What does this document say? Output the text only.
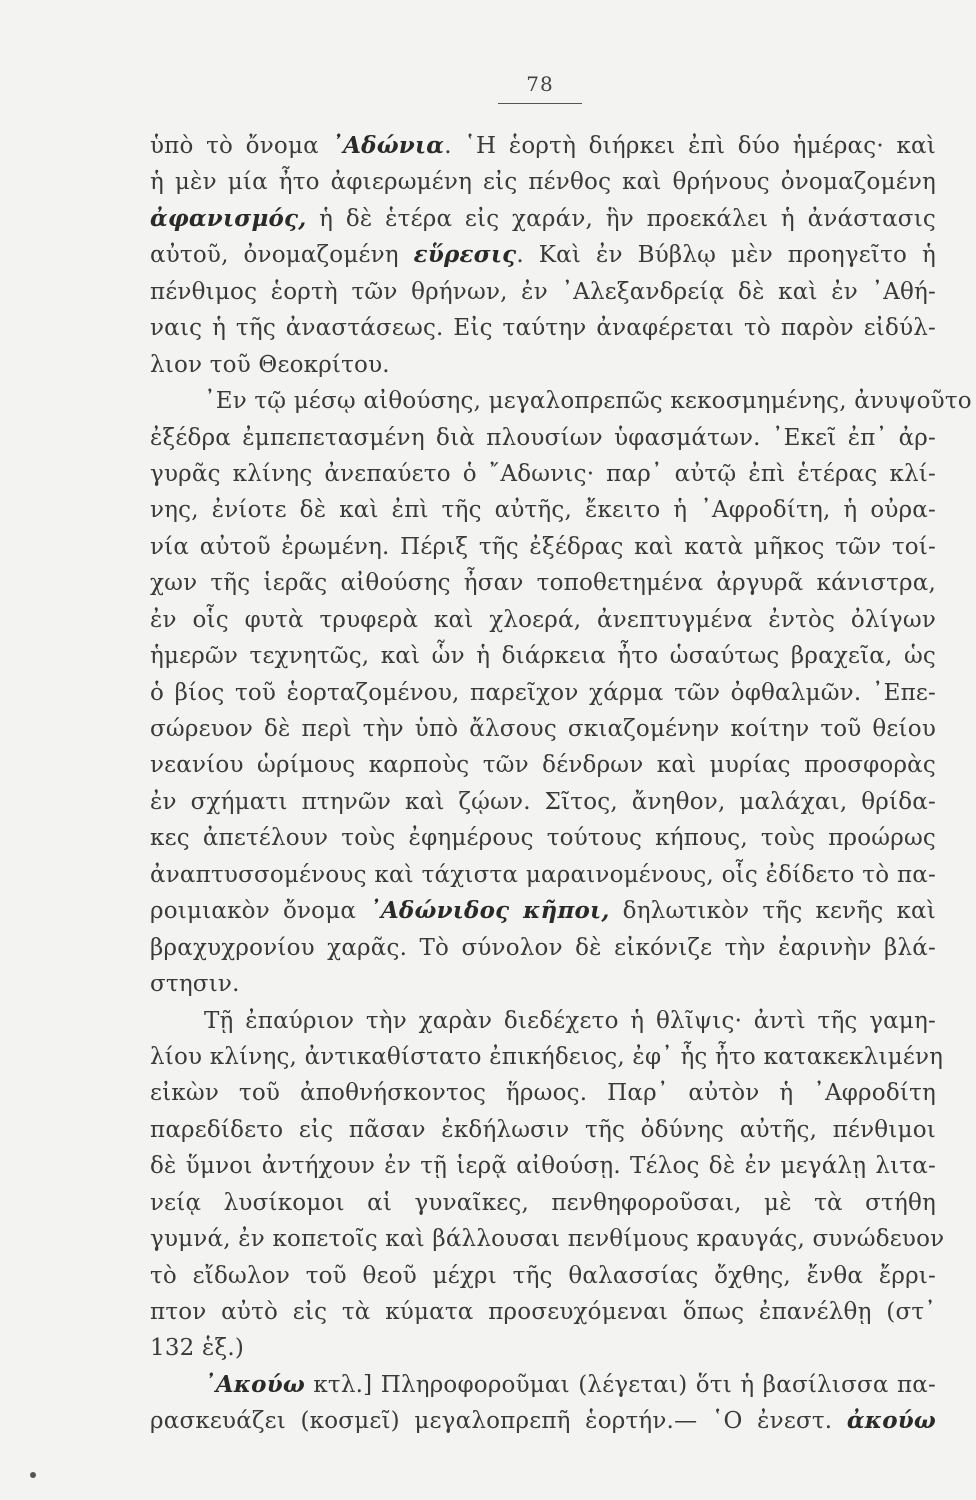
78
ὑπὸ τὸ ὄνομα ᾿Αδώνια. ῾Η ἑορτὴ διήρκει ἐπὶ δύο ἡμέρας· καὶ
ἡ μὲν μία ἦτο ἀφιερωμένη εἰς πένθος καὶ θρήνους ὀνομαζομένη
ἀφανισμός, ἡ δὲ ἑτέρα εἰς χαράν, ἣν προεκάλει ἡ ἀνάστασις
αὐτοῦ, ὀνομαζομένη εὕρεσις. Καὶ ἐν Βύβλῳ μὲν προηγεῖτο ἡ
πένθιμος ἑορτὴ τῶν θρήνων, ἐν ᾿Αλεξανδρείᾳ δὲ καὶ ἐν ᾿Αθή-
ναις ἡ τῆς ἀναστάσεως. Εἰς ταύτην ἀναφέρεται τὸ παρὸν εἰδύλ-
λιον τοῦ Θεοκρίτου.
᾿Εν τῷ μέσῳ αἰθούσης, μεγαλοπρεπῶς κεκοσμημένης, ἀνυψοῦτο
ἐξέδρα ἐμπεπετασμένη διὰ πλουσίων ὑφασμάτων. ᾿Εκεῖ ἐπ᾿ ἀρ-
γυρᾶς κλίνης ἀνεπαύετο ὁ ῎Αδωνις· παρ᾿ αὐτῷ ἐπὶ ἑτέρας κλί-
νης, ἐνίοτε δὲ καὶ ἐπὶ τῆς αὐτῆς, ἔκειτο ἡ ᾿Αφροδίτη, ἡ οὐρα-
νία αὐτοῦ ἐρωμένη. Πέριξ τῆς ἐξέδρας καὶ κατὰ μῆκος τῶν τοί-
χων τῆς ἱερᾶς αἰθούσης ἦσαν τοποθετημένα ἀργυρᾶ κάνιστρα,
ἐν οἷς φυτὰ τρυφερὰ καὶ χλοερά, ἀνεπτυγμένα ἐντὸς ὀλίγων
ἡμερῶν τεχνητῶς, καὶ ὧν ἡ διάρκεια ἦτο ὡσαύτως βραχεῖα, ὡς
ὁ βίος τοῦ ἑορταζομένου, παρεῖχον χάρμα τῶν ὀφθαλμῶν. ᾿Επε-
σώρευον δὲ περὶ τὴν ὑπὸ ἄλσους σκιαζομένην κοίτην τοῦ θείου
νεανίου ὡρίμους καρποὺς τῶν δένδρων καὶ μυρίας προσφορὰς
ἐν σχήματι πτηνῶν καὶ ζῴων. Σῖτος, ἄνηθον, μαλάχαι, θρίδα-
κες ἀπετέλουν τοὺς ἐφημέρους τούτους κήπους, τοὺς προώρως
ἀναπτυσσομένους καὶ τάχιστα μαραινομένους, οἷς ἐδίδετο τὸ πα-
ροιμιακὸν ὄνομα ᾿Αδώνιδος κῆποι, δηλωτικὸν τῆς κενῆς καὶ
βραχυχρονίου χαρᾶς. Τὸ σύνολον δὲ εἰκόνιζε τὴν ἐαρινὴν βλά-
στησιν.
Τῇ ἐπαύριον τὴν χαρὰν διεδέχετο ἡ θλῖψις· ἀντὶ τῆς γαμη-
λίου κλίνης, ἀντικαθίστατο ἐπικήδειος, ἐφ᾿ ἧς ἦτο κατακεκλιμένη
εἰκὼν τοῦ ἀποθνήσκοντος ἥρωος. Παρ᾿ αὐτὸν ἡ ᾿Αφροδίτη
παρεδίδετο εἰς πᾶσαν ἐκδήλωσιν τῆς ὀδύνης αὐτῆς, πένθιμοι
δὲ ὕμνοι ἀντήχουν ἐν τῇ ἱερᾷ αἰθούσῃ. Τέλος δὲ ἐν μεγάλῃ λιτα-
νείᾳ λυσίκομοι αἱ γυναῖκες, πενθηφοροῦσαι, μὲ τὰ στήθη
γυμνά, ἐν κοπετοῖς καὶ βάλλουσαι πενθίμους κραυγάς, συνώδευον
τὸ εἴδωλον τοῦ θεοῦ μέχρι τῆς θαλασσίας ὄχθης, ἔνθα ἔρρι-
πτον αὐτὸ εἰς τὰ κύματα προσευχόμεναι ὅπως ἐπανέλθῃ (στ᾿
132 ἑξ.)
᾿Ακούω κτλ.] Πληροφοροῦμαι (λέγεται) ὅτι ἡ βασίλισσα πα-
ρασκευάζει (κοσμεῖ) μεγαλοπρεπῆ ἑορτήν.— ῾Ο ἐνεστ. ἀκούω
